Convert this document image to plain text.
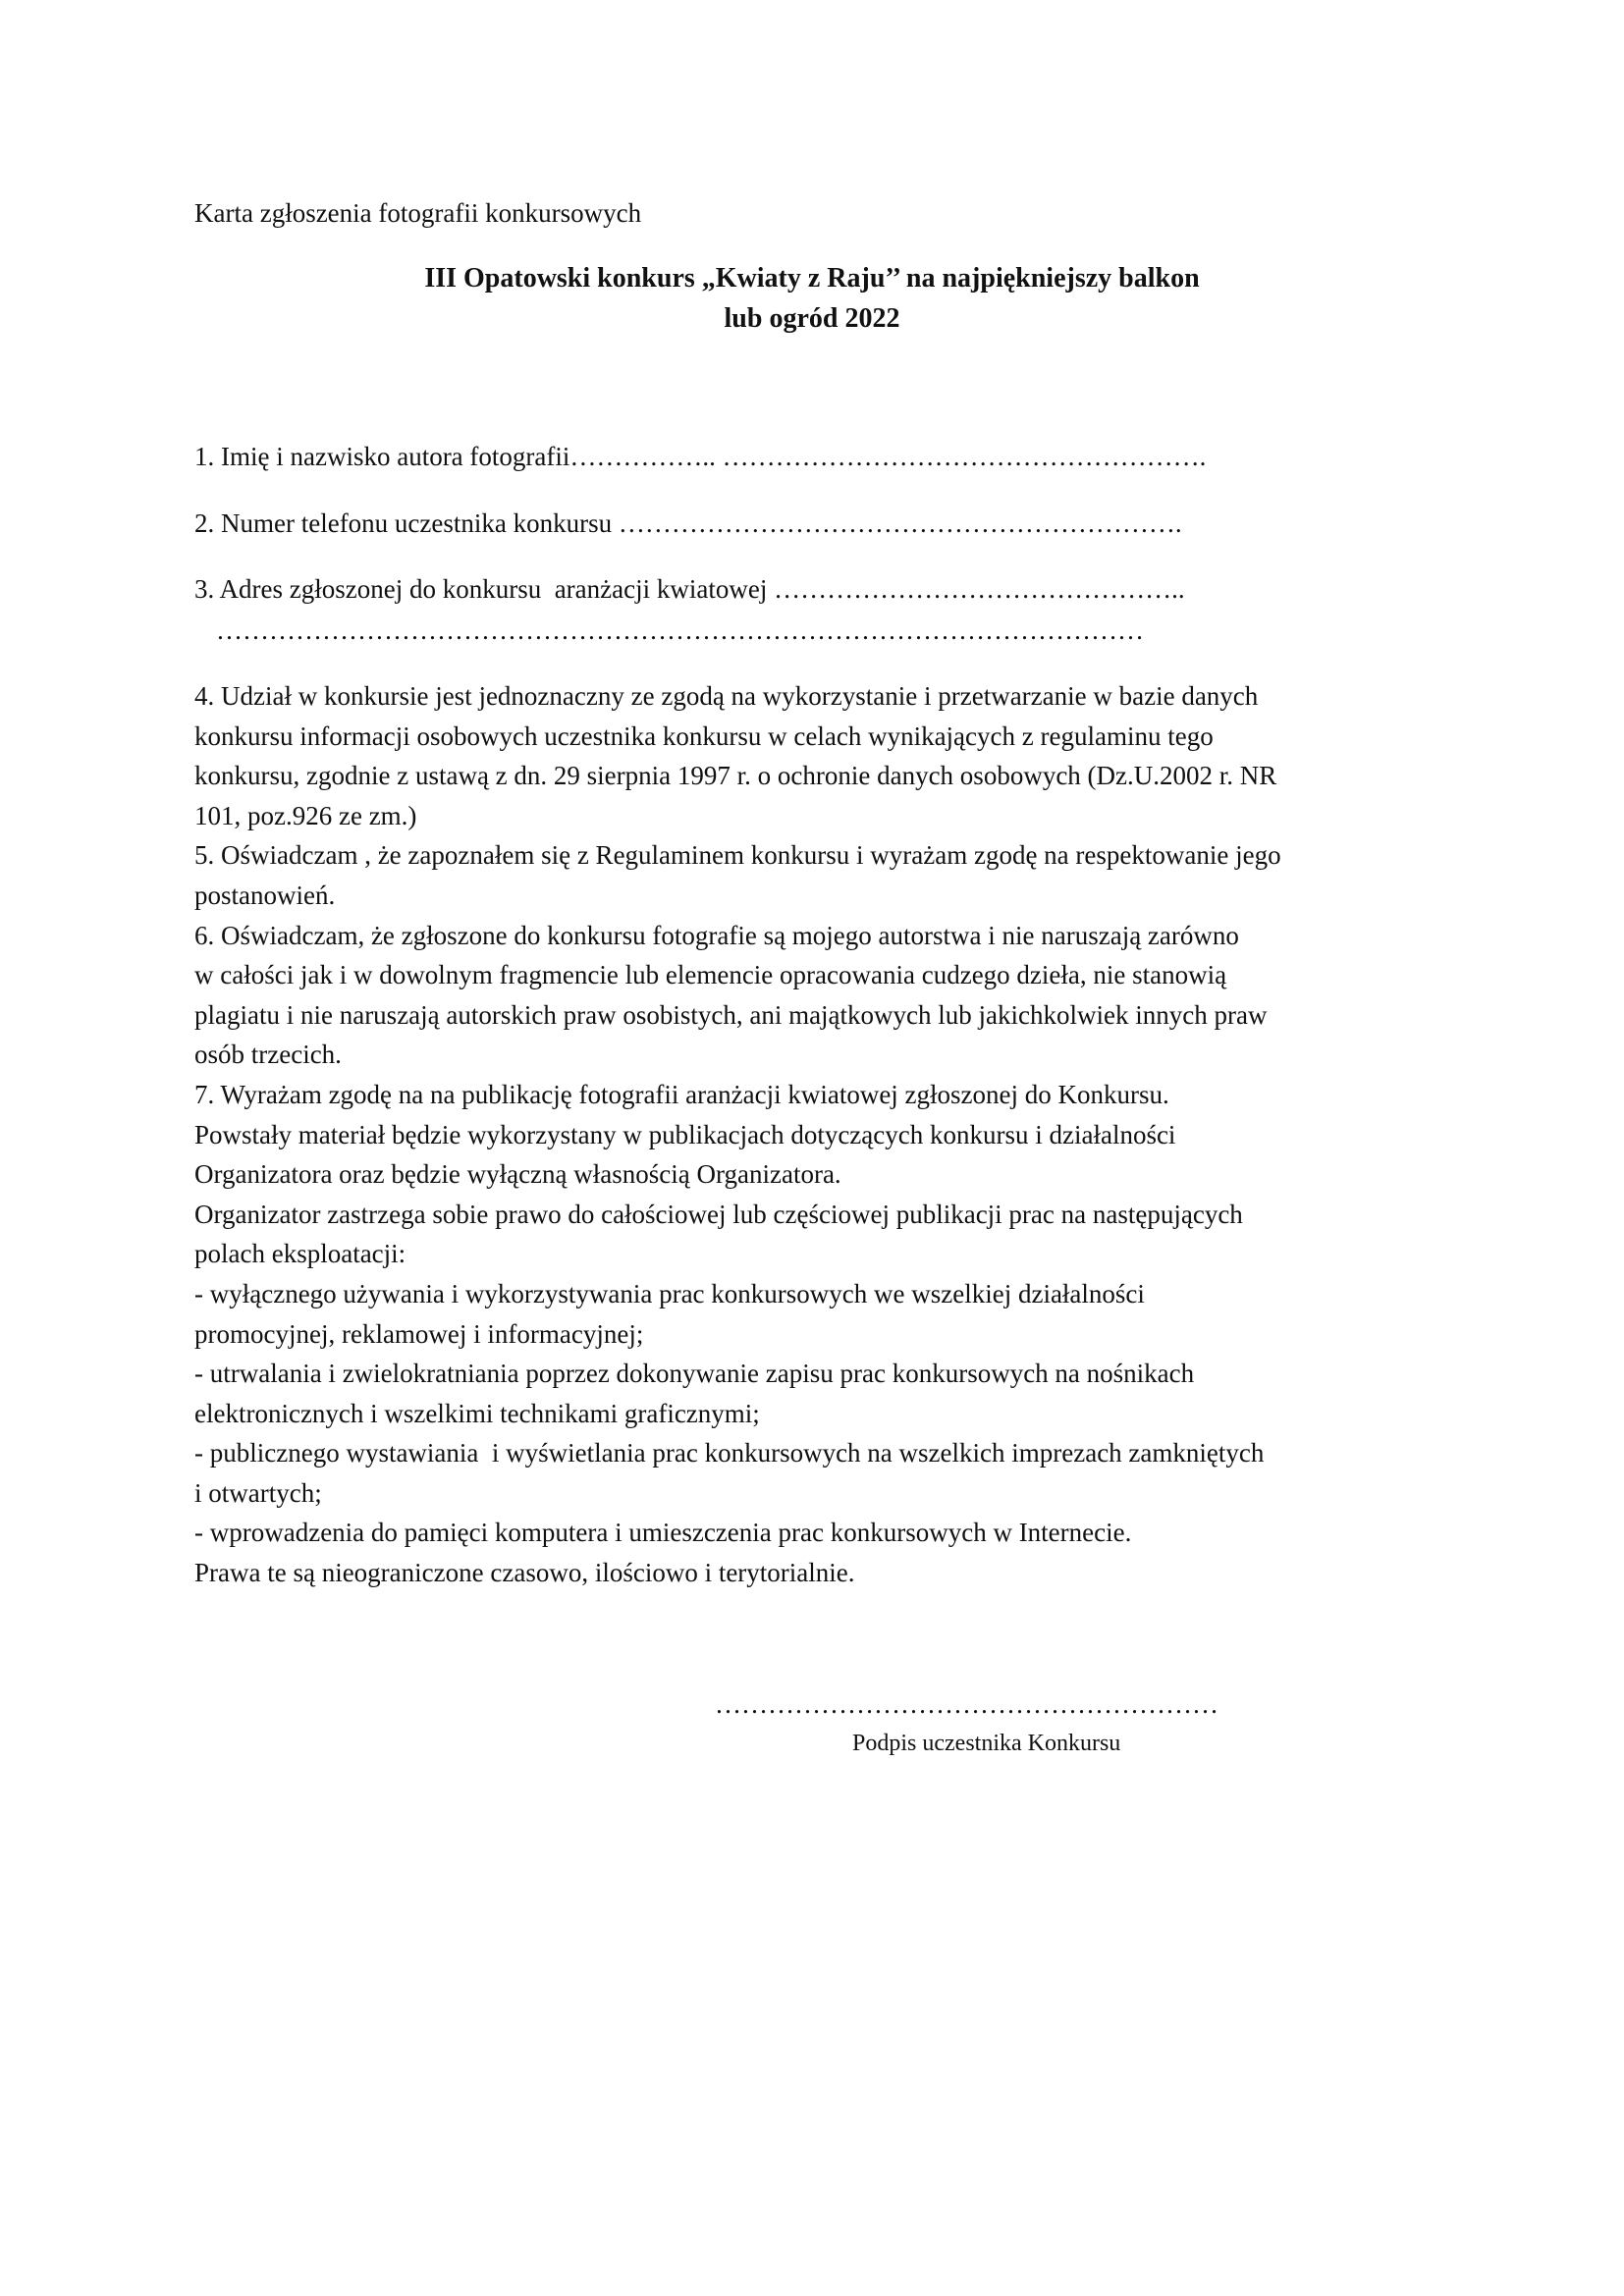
Karta zgłoszenia fotografii konkursowych
III Opatowski konkurs „Kwiaty z Raju’’ na najpiękniejszy balkon
lub ogród 2022
1. Imię i nazwisko autora fotografii…………….. ……………………………………………….
2. Numer telefonu uczestnika konkursu ……………………………………………………….
3. Adres zgłoszonej do konkursu  aranżacji kwiatowej ………………………………………..
……………………………………………………………………………………………
4. Udział w konkursie jest jednoznaczny ze zgodą na wykorzystanie i przetwarzanie w bazie danych
konkursu informacji osobowych uczestnika konkursu w celach wynikających z regulaminu tego
konkursu, zgodnie z ustawą z dn. 29 sierpnia 1997 r. o ochronie danych osobowych (Dz.U.2002 r. NR
101, poz.926 ze zm.)
5. Oświadczam , że zapoznałem się z Regulaminem konkursu i wyrażam zgodę na respektowanie jego
postanowień.
6. Oświadczam, że zgłoszone do konkursu fotografie są mojego autorstwa i nie naruszają zarówno
w całości jak i w dowolnym fragmencie lub elemencie opracowania cudzego dzieła, nie stanowią
plagiatu i nie naruszają autorskich praw osobistych, ani majątkowych lub jakichkolwiek innych praw
osób trzecich.
7. Wyrażam zgodę na na publikację fotografii aranżacji kwiatowej zgłoszonej do Konkursu.
Powstały materiał będzie wykorzystany w publikacjach dotyczących konkursu i działalności
Organizatora oraz będzie wyłączną własnością Organizatora.
Organizator zastrzega sobie prawo do całościowej lub częściowej publikacji prac na następujących
polach eksploatacji:
- wyłącznego używania i wykorzystywania prac konkursowych we wszelkiej działalności
promocyjnej, reklamowej i informacyjnej;
- utrwalania i zwielokratniania poprzez dokonywanie zapisu prac konkursowych na nośnikach
elektronicznych i wszelkimi technikami graficznymi;
- publicznego wystawiania  i wyświetlania prac konkursowych na wszelkich imprezach zamkniętych
i otwartych;
- wprowadzenia do pamięci komputera i umieszczenia prac konkursowych w Internecie.
Prawa te są nieograniczone czasowo, ilościowo i terytorialnie.
…………………………………………………
Podpis uczestnika Konkursu
